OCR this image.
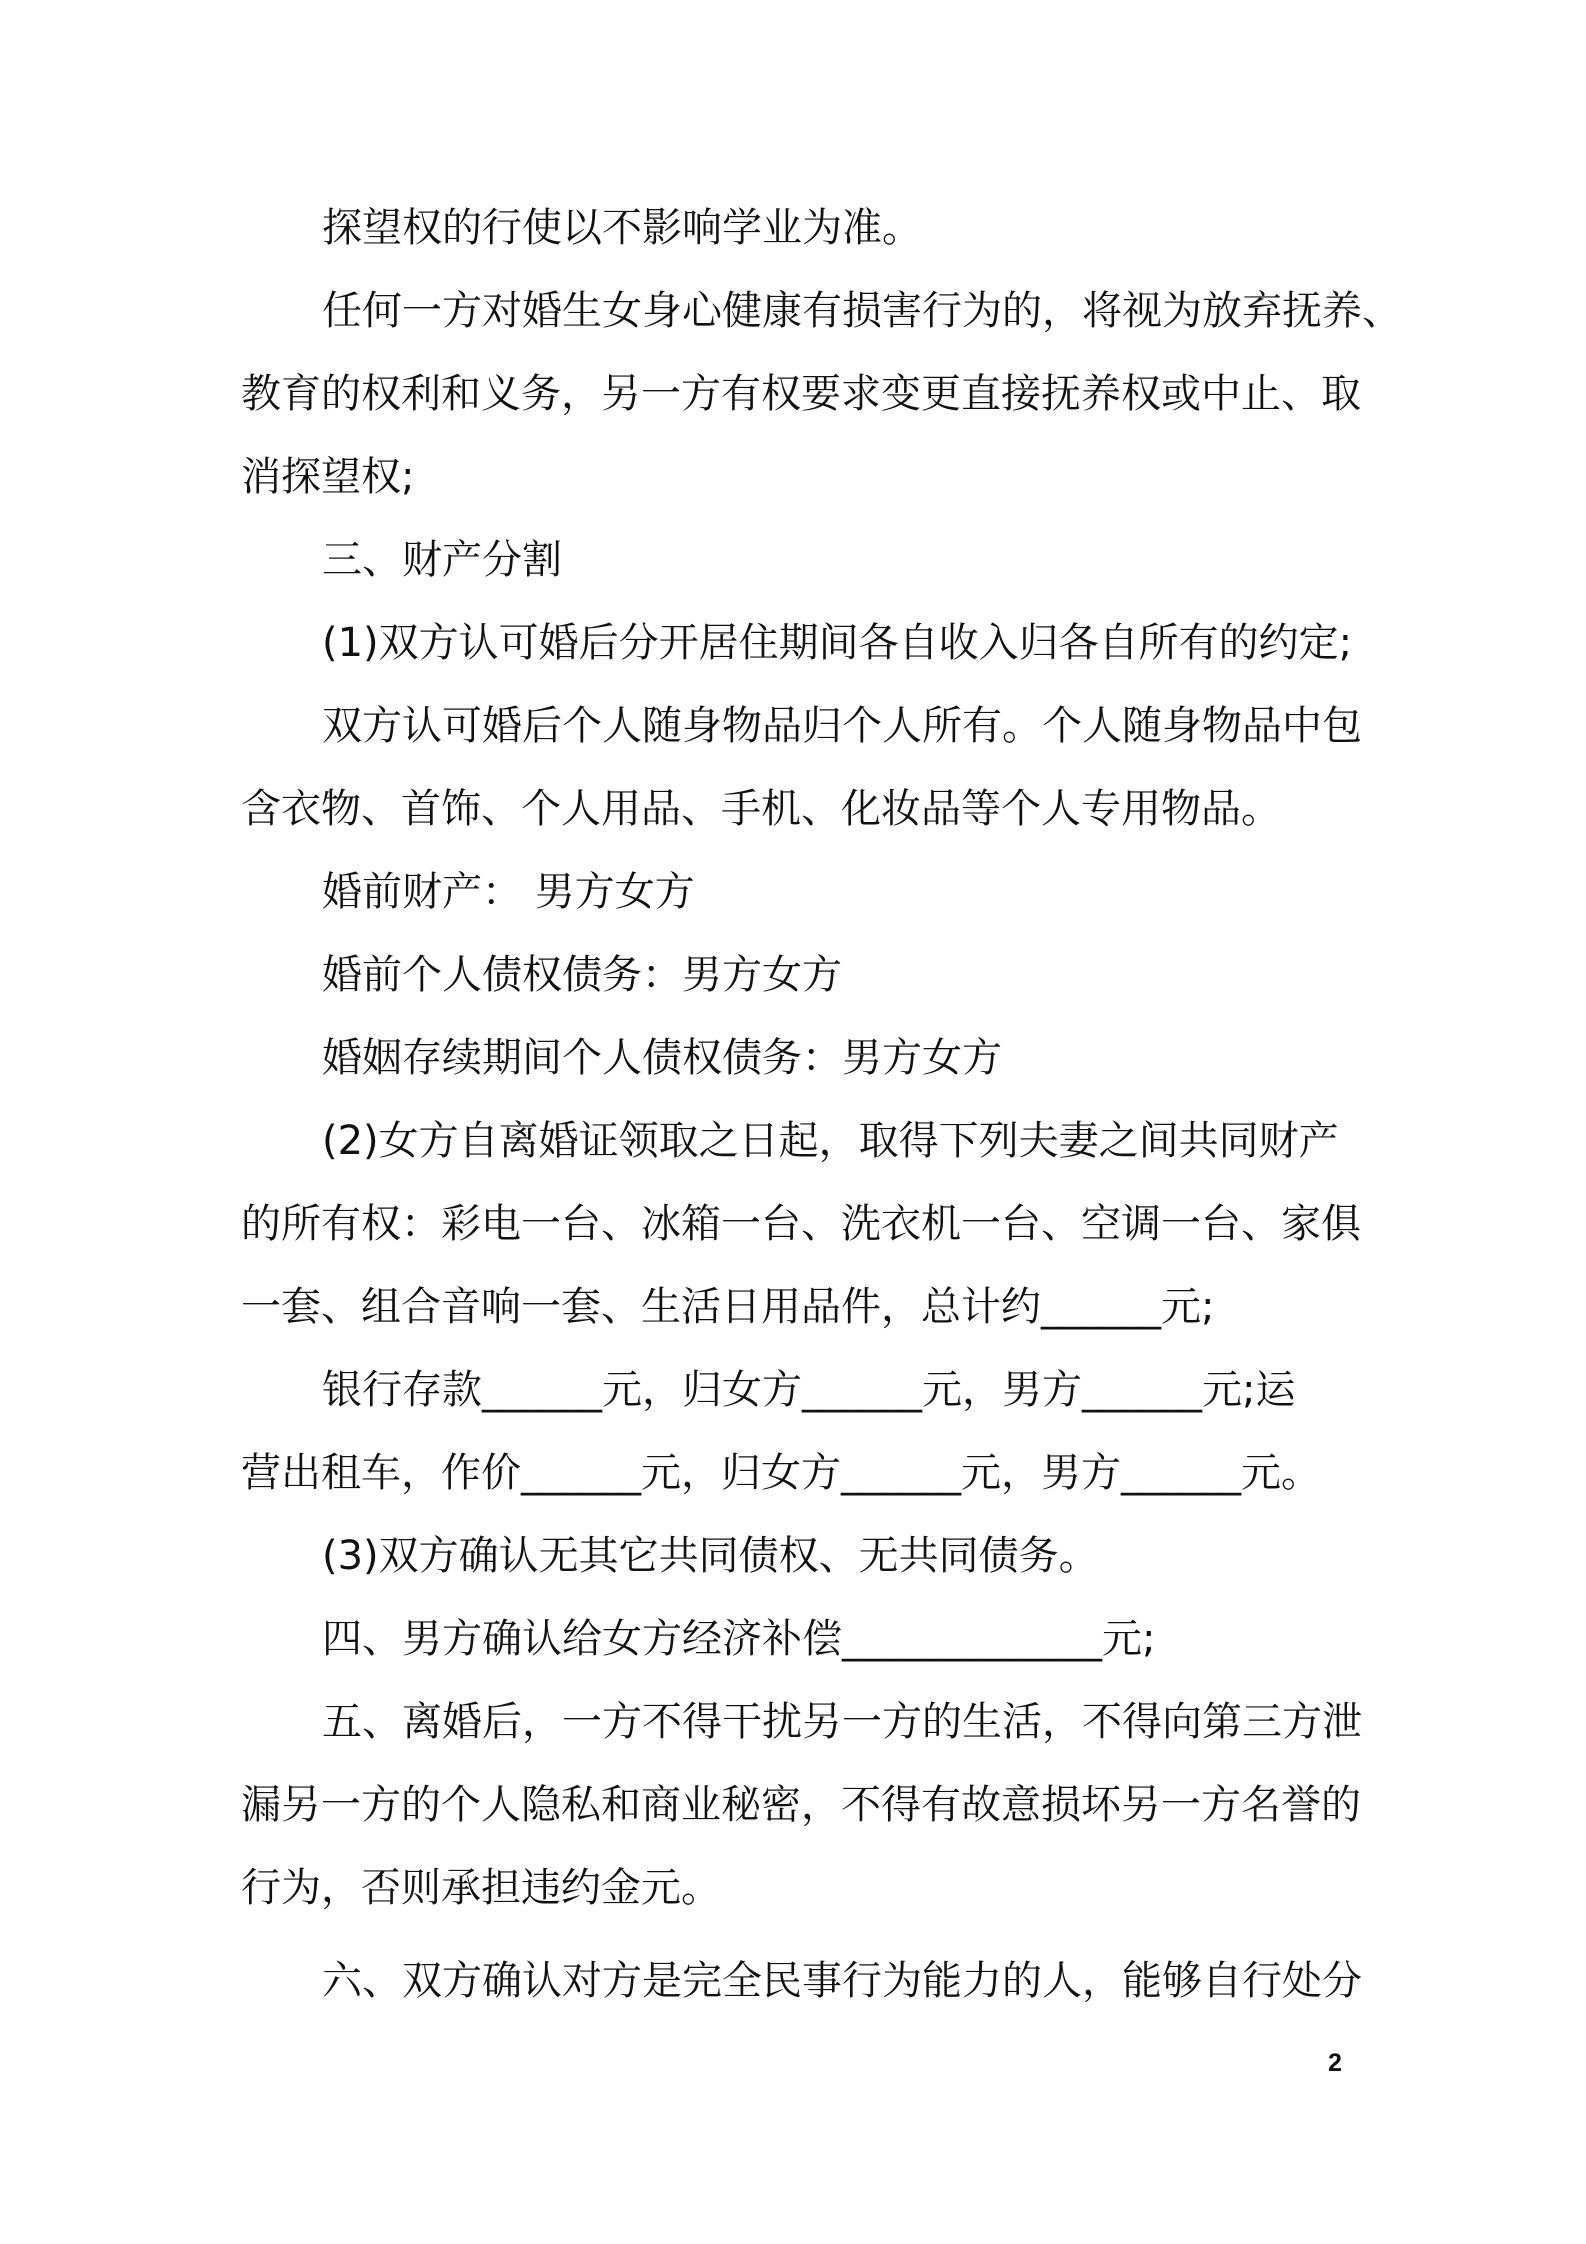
探望权的行使以不影响学业为准。
任何一方对婚生女身心健康有损害行为的，将视为放弃抚养、
教育的权利和义务，另一方有权要求变更直接抚养权或中止、取
消探望权;
三、财产分割
(1)双方认可婚后分开居住期间各自收入归各自所有的约定;
双方认可婚后个人随身物品归个人所有。个人随身物品中包
含衣物、首饰、个人用品、手机、化妆品等个人专用物品。
婚前财产： 男方女方
婚前个人债权债务：男方女方
婚姻存续期间个人债权债务：男方女方
(2)女方自离婚证领取之日起，取得下列夫妻之间共同财产
的所有权：彩电一台、冰箱一台、洗衣机一台、空调一台、家俱
一套、组合音响一套、生活日用品件，总计约______元;
银行存款______元，归女方______元，男方______元;运
营出租车，作价______元，归女方______元，男方______元。
(3)双方确认无其它共同债权、无共同债务。
四、男方确认给女方经济补偿_____________元;
五、离婚后，一方不得干扰另一方的生活，不得向第三方泄
漏另一方的个人隐私和商业秘密，不得有故意损坏另一方名誉的
行为，否则承担违约金元。
六、双方确认对方是完全民事行为能力的人，能够自行处分
2
